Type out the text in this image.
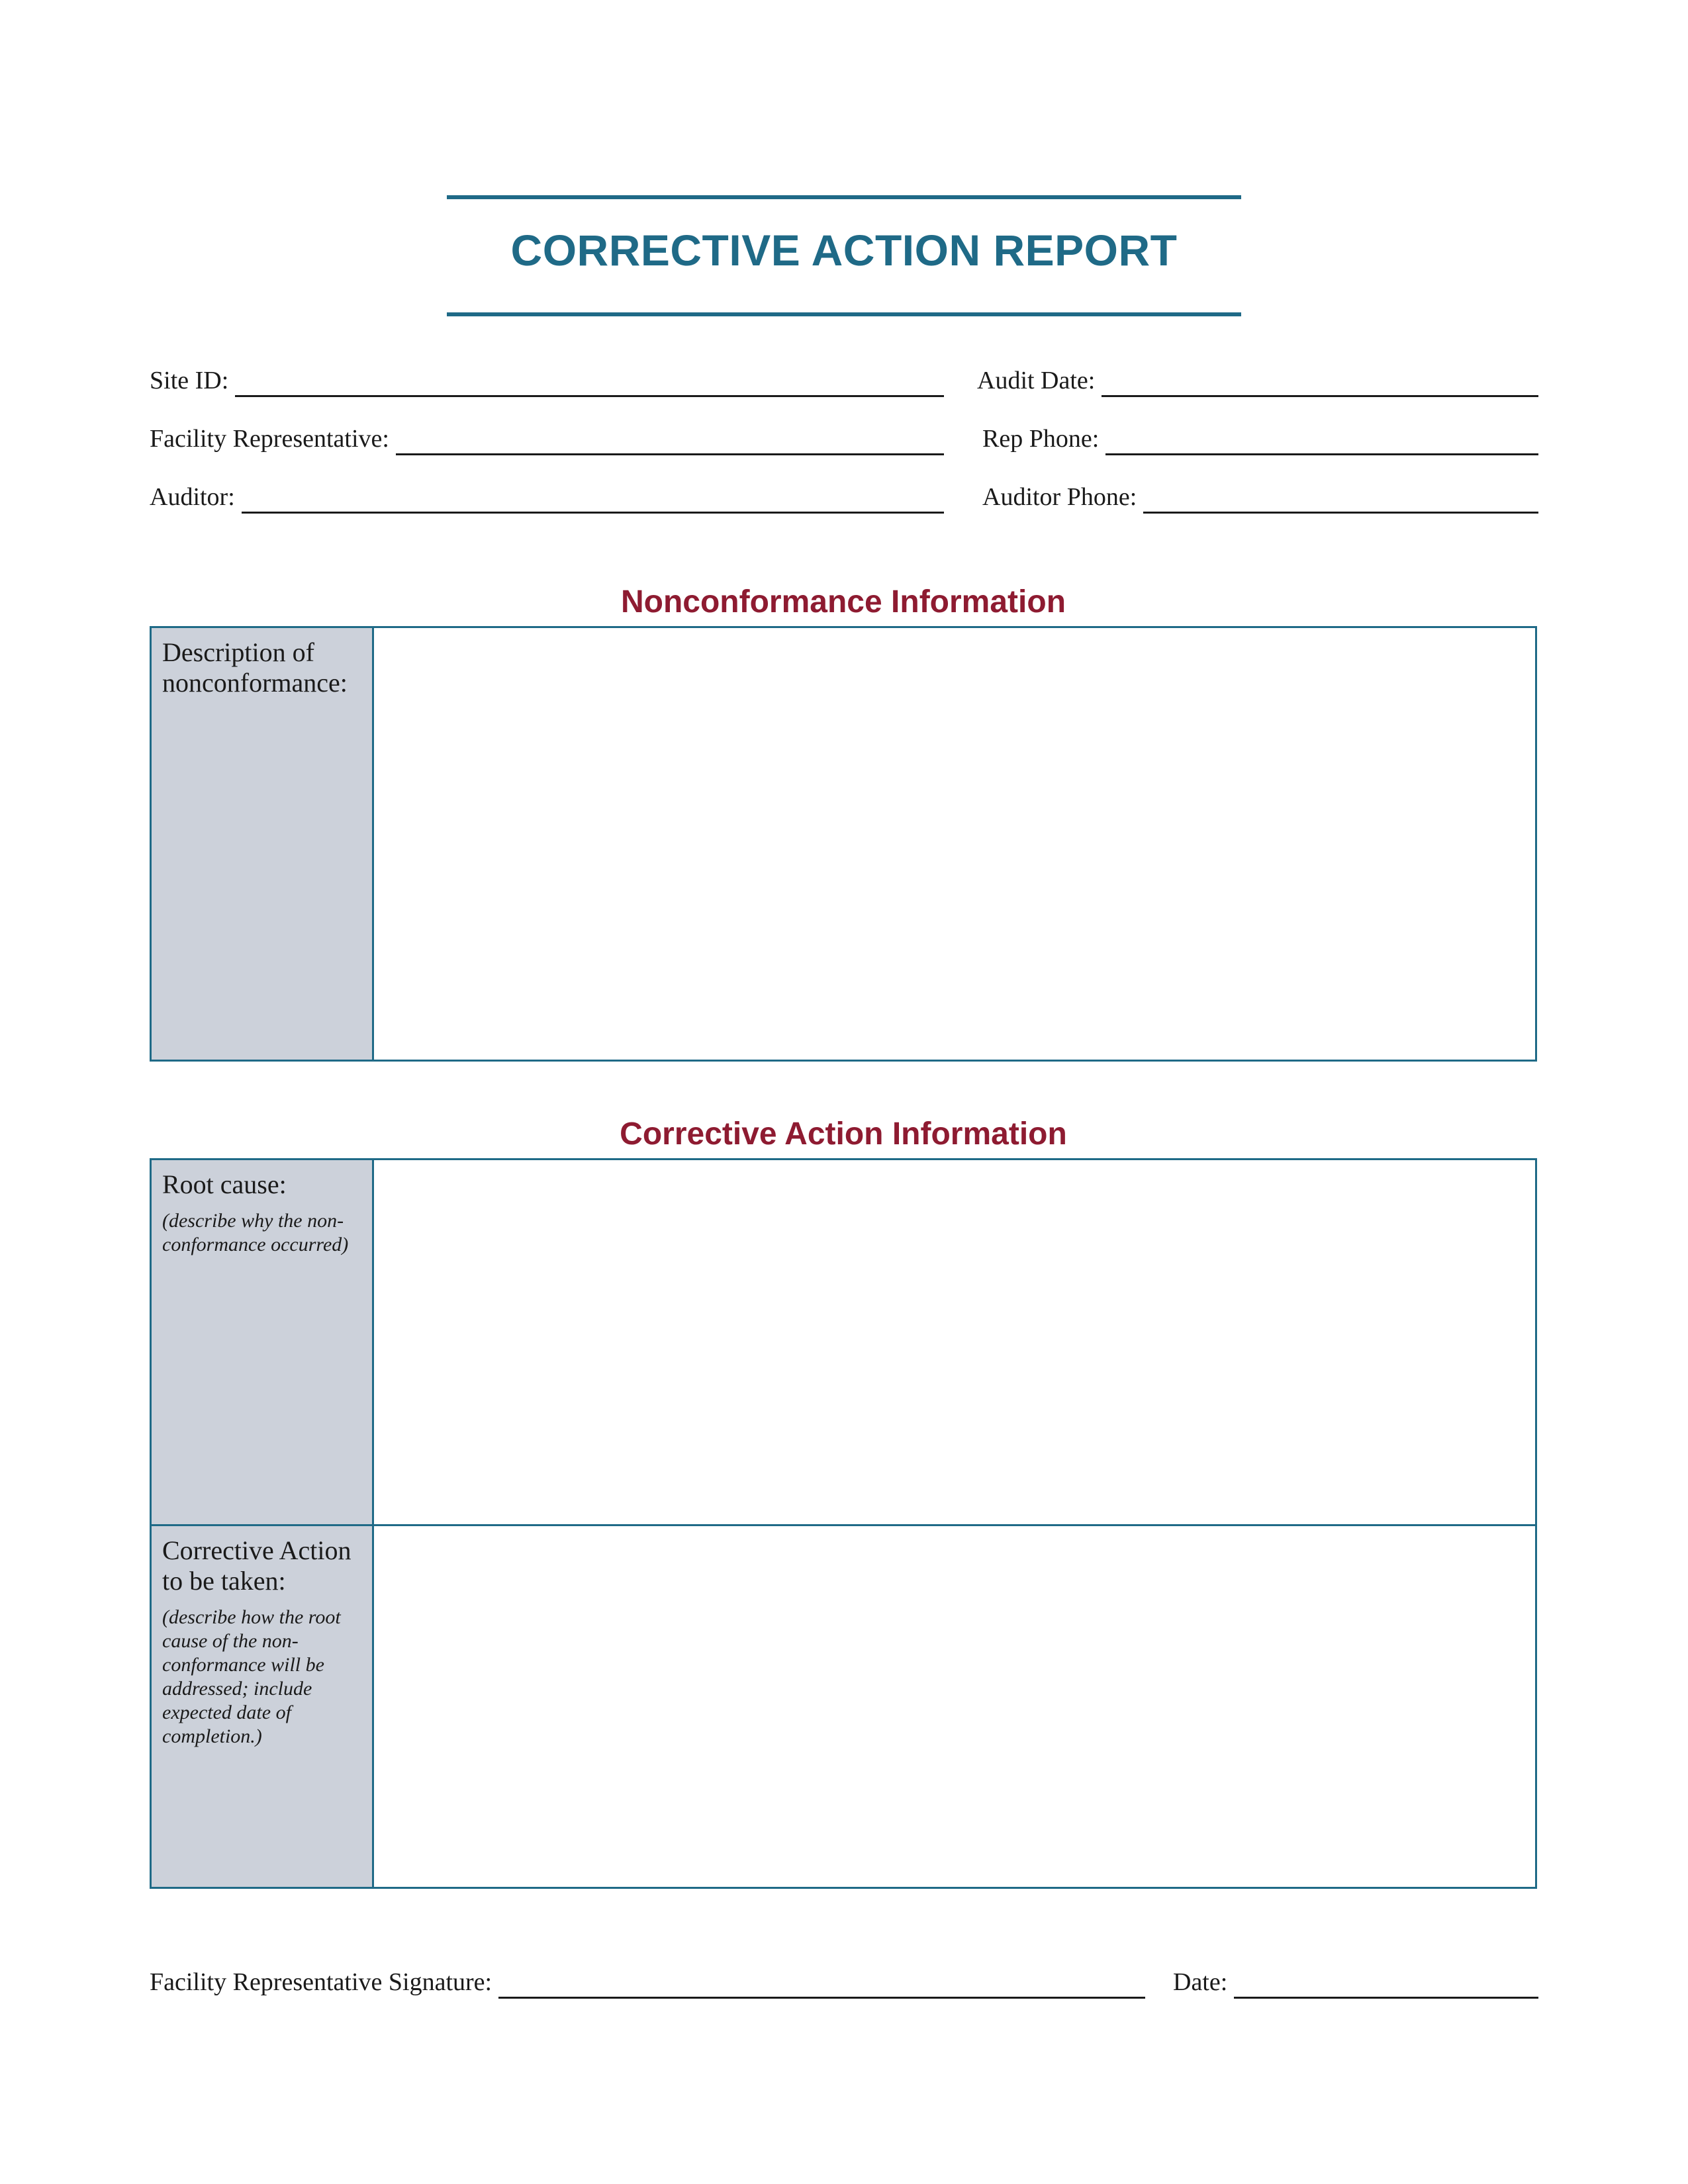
CORRECTIVE ACTION REPORT
Site ID:	Audit Date:
Facility Representative:	Rep Phone:
Auditor:	Auditor Phone:
Nonconformance Information
Description of nonconformance:
Corrective Action Information
Root cause:
(describe why the non-conformance occurred)
Corrective Action to be taken:
(describe how the root cause of the non-conformance will be addressed; include expected date of completion.)
Facility Representative Signature:	Date:
